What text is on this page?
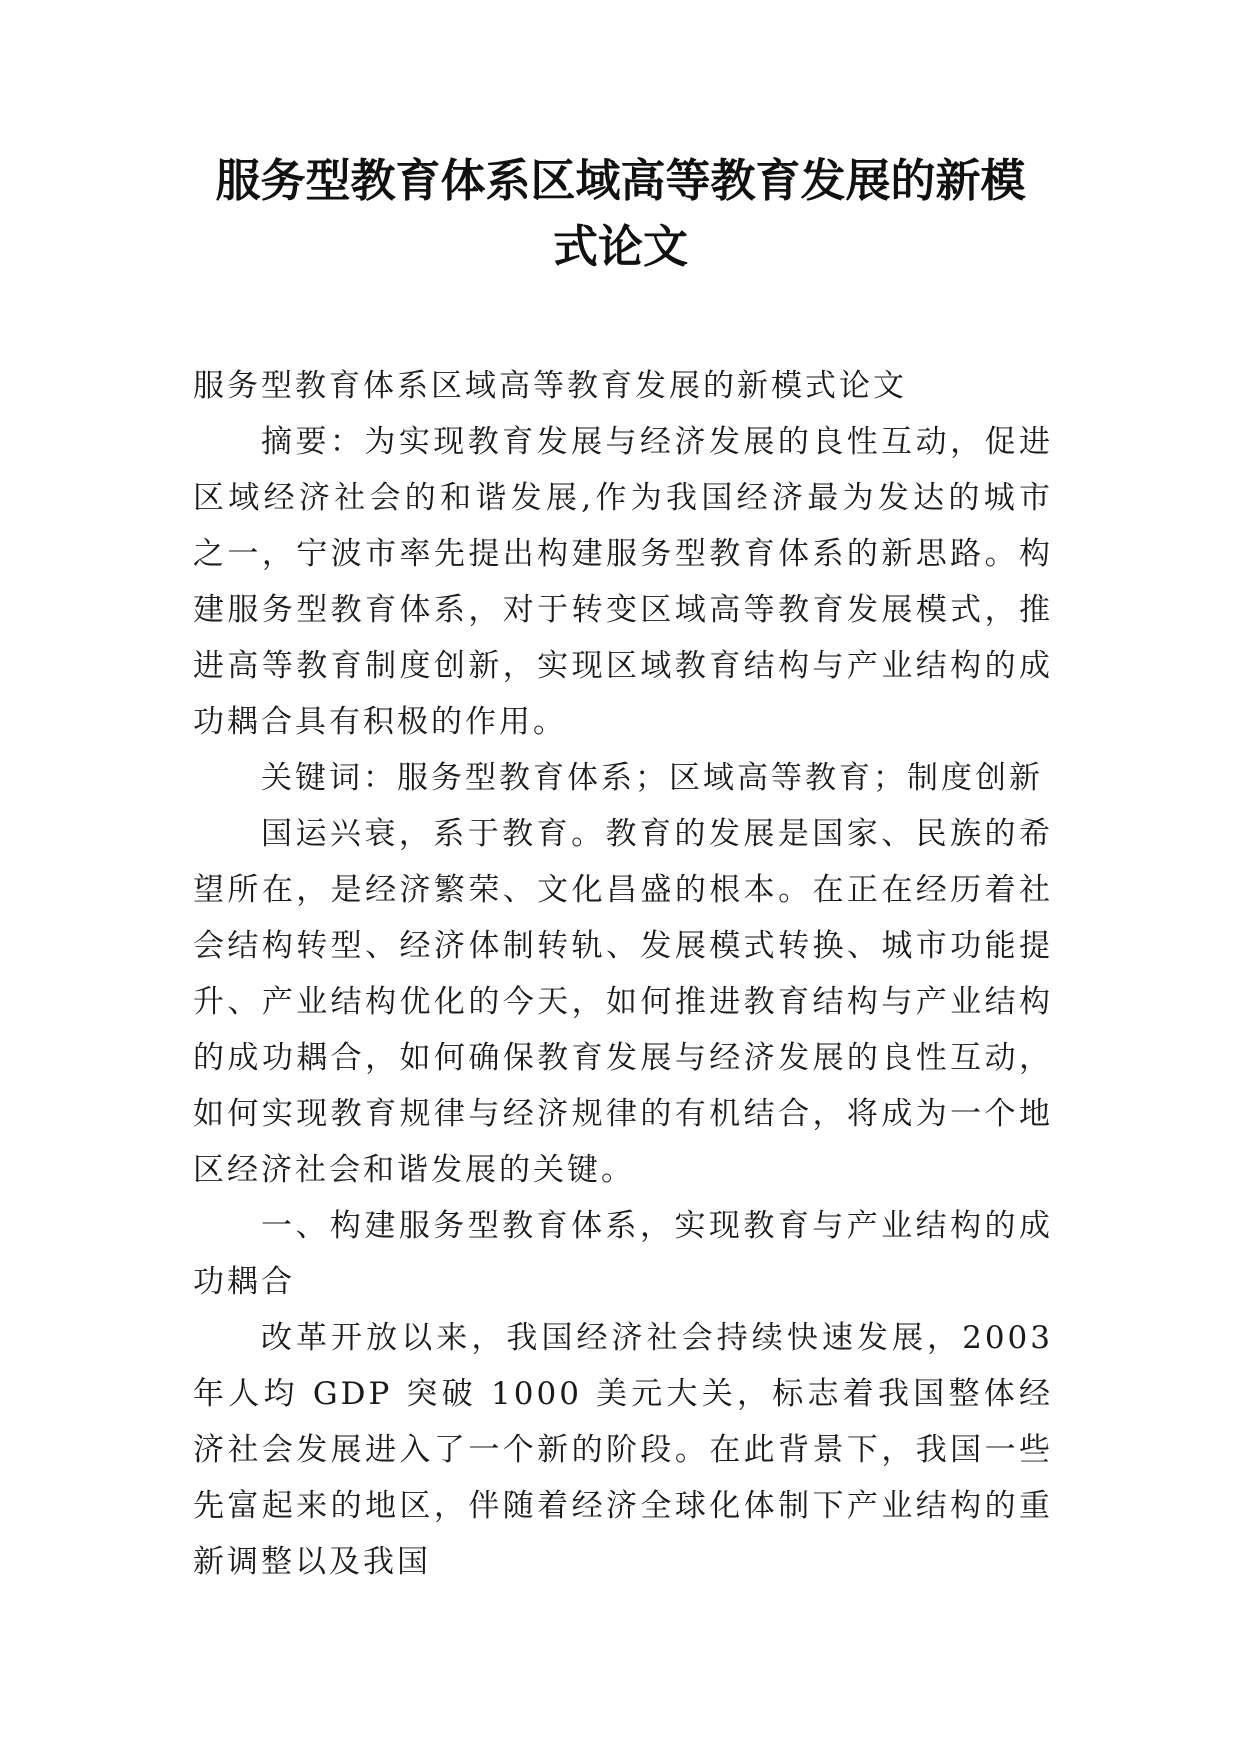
服务型教育体系区域高等教育发展的新模
式论文

服务型教育体系区域高等教育发展的新模式论文

摘要：为实现教育发展与经济发展的良性互动，促进区域经济社会的和谐发展,作为我国经济最为发达的城市之一，宁波市率先提出构建服务型教育体系的新思路。构建服务型教育体系，对于转变区域高等教育发展模式，推进高等教育制度创新，实现区域教育结构与产业结构的成功耦合具有积极的作用。

关键词：服务型教育体系；区域高等教育；制度创新

国运兴衰，系于教育。教育的发展是国家、民族的希望所在，是经济繁荣、文化昌盛的根本。在正在经历着社会结构转型、经济体制转轨、发展模式转换、城市功能提升、产业结构优化的今天，如何推进教育结构与产业结构的成功耦合，如何确保教育发展与经济发展的良性互动，如何实现教育规律与经济规律的有机结合，将成为一个地区经济社会和谐发展的关键。

一、构建服务型教育体系，实现教育与产业结构的成功耦合

改革开放以来，我国经济社会持续快速发展，2003 年人均 GDP 突破 1000 美元大关，标志着我国整体经济社会发展进入了一个新的阶段。在此背景下，我国一些先富起来的地区，伴随着经济全球化体制下产业结构的重新调整以及我国
